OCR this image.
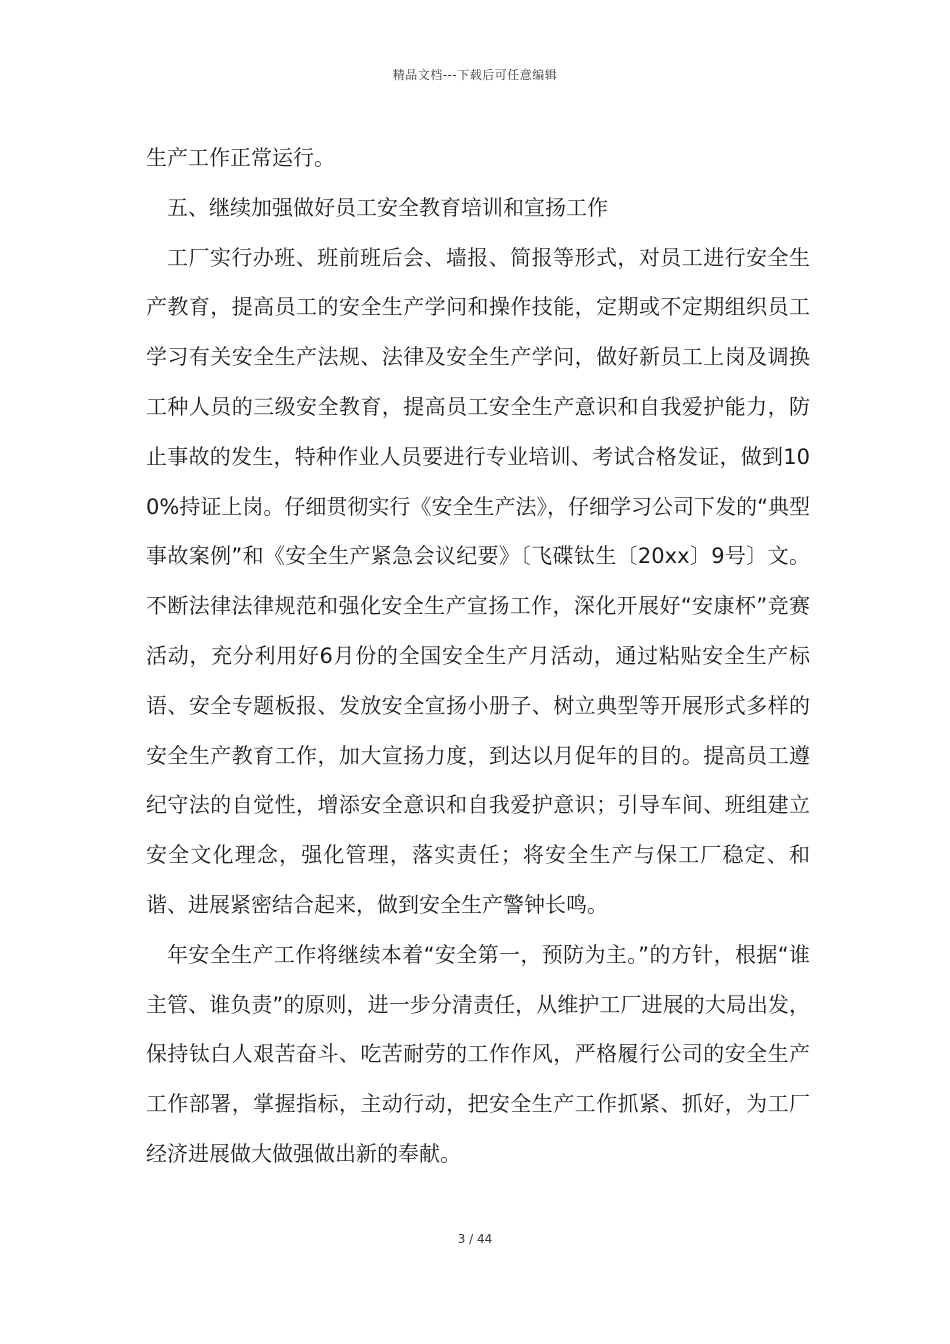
精品文档---下载后可任意编辑

生产工作正常运行。

五、继续加强做好员工安全教育培训和宣扬工作

工厂实行办班、班前班后会、墙报、简报等形式，对员工进行安全生产教育，提高员工的安全生产学问和操作技能，定期或不定期组织员工学习有关安全生产法规、法律及安全生产学问，做好新员工上岗及调换工种人员的三级安全教育，提高员工安全生产意识和自我爱护能力，防止事故的发生，特种作业人员要进行专业培训、考试合格发证，做到100%持证上岗。仔细贯彻实行《安全生产法》，仔细学习公司下发的“典型事故案例”和《安全生产紧急会议纪要》〔飞碟钛生〔20xx〕9号〕文。不断法律法律规范和强化安全生产宣扬工作，深化开展好“安康杯”竞赛活动，充分利用好6月份的全国安全生产月活动，通过粘贴安全生产标语、安全专题板报、发放安全宣扬小册子、树立典型等开展形式多样的安全生产教育工作，加大宣扬力度，到达以月促年的目的。提高员工遵纪守法的自觉性，增添安全意识和自我爱护意识；引导车间、班组建立安全文化理念，强化管理，落实责任；将安全生产与保工厂稳定、和谐、进展紧密结合起来，做到安全生产警钟长鸣。

年安全生产工作将继续本着“安全第一，预防为主。”的方针，根据“谁主管、谁负责”的原则，进一步分清责任，从维护工厂进展的大局出发，保持钛白人艰苦奋斗、吃苦耐劳的工作作风，严格履行公司的安全生产工作部署，掌握指标，主动行动，把安全生产工作抓紧、抓好，为工厂经济进展做大做强做出新的奉献。

3 / 44
